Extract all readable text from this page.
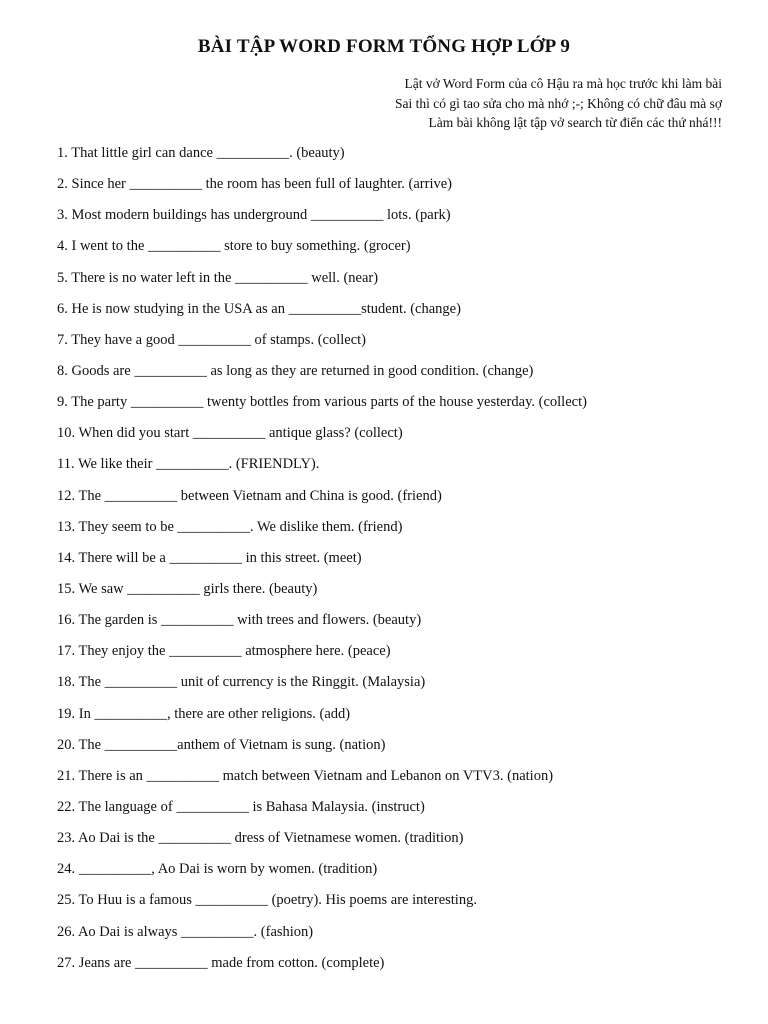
BÀI TẬP WORD FORM TỔNG HỢP LỚP 9
Lật vở Word Form của cô Hậu ra mà học trước khi làm bài
Sai thì có gì tao sửa cho mà nhớ ;-; Không có chữ đâu mà sợ
Làm bài không lật tập vở search từ điển các thứ nhá!!!
1. That little girl can dance __________. (beauty)
2. Since her __________ the room has been full of laughter. (arrive)
3. Most modern buildings has underground __________ lots. (park)
4. I went to the __________ store to buy something. (grocer)
5. There is no water left in the __________ well. (near)
6. He is now studying in the USA as an __________student. (change)
7. They have a good __________ of stamps. (collect)
8. Goods are __________ as long as they are returned in good condition. (change)
9. The party __________ twenty bottles from various parts of the house yesterday. (collect)
10. When did you start __________ antique glass? (collect)
11. We like their __________. (FRIENDLY).
12. The __________ between Vietnam and China is good. (friend)
13. They seem to be __________. We dislike them. (friend)
14. There will be a __________ in this street. (meet)
15. We saw __________ girls there. (beauty)
16. The garden is __________ with trees and flowers. (beauty)
17. They enjoy the __________ atmosphere here. (peace)
18. The __________ unit of currency is the Ringgit. (Malaysia)
19. In __________, there are other religions. (add)
20. The __________anthem of Vietnam is sung. (nation)
21. There is an __________ match between Vietnam and Lebanon on VTV3. (nation)
22. The language of __________ is Bahasa Malaysia. (instruct)
23. Ao Dai is the __________ dress of Vietnamese women. (tradition)
24. __________, Ao Dai is worn by women. (tradition)
25. To Huu is a famous __________ (poetry). His poems are interesting.
26. Ao Dai is always __________. (fashion)
27. Jeans are __________ made from cotton. (complete)
